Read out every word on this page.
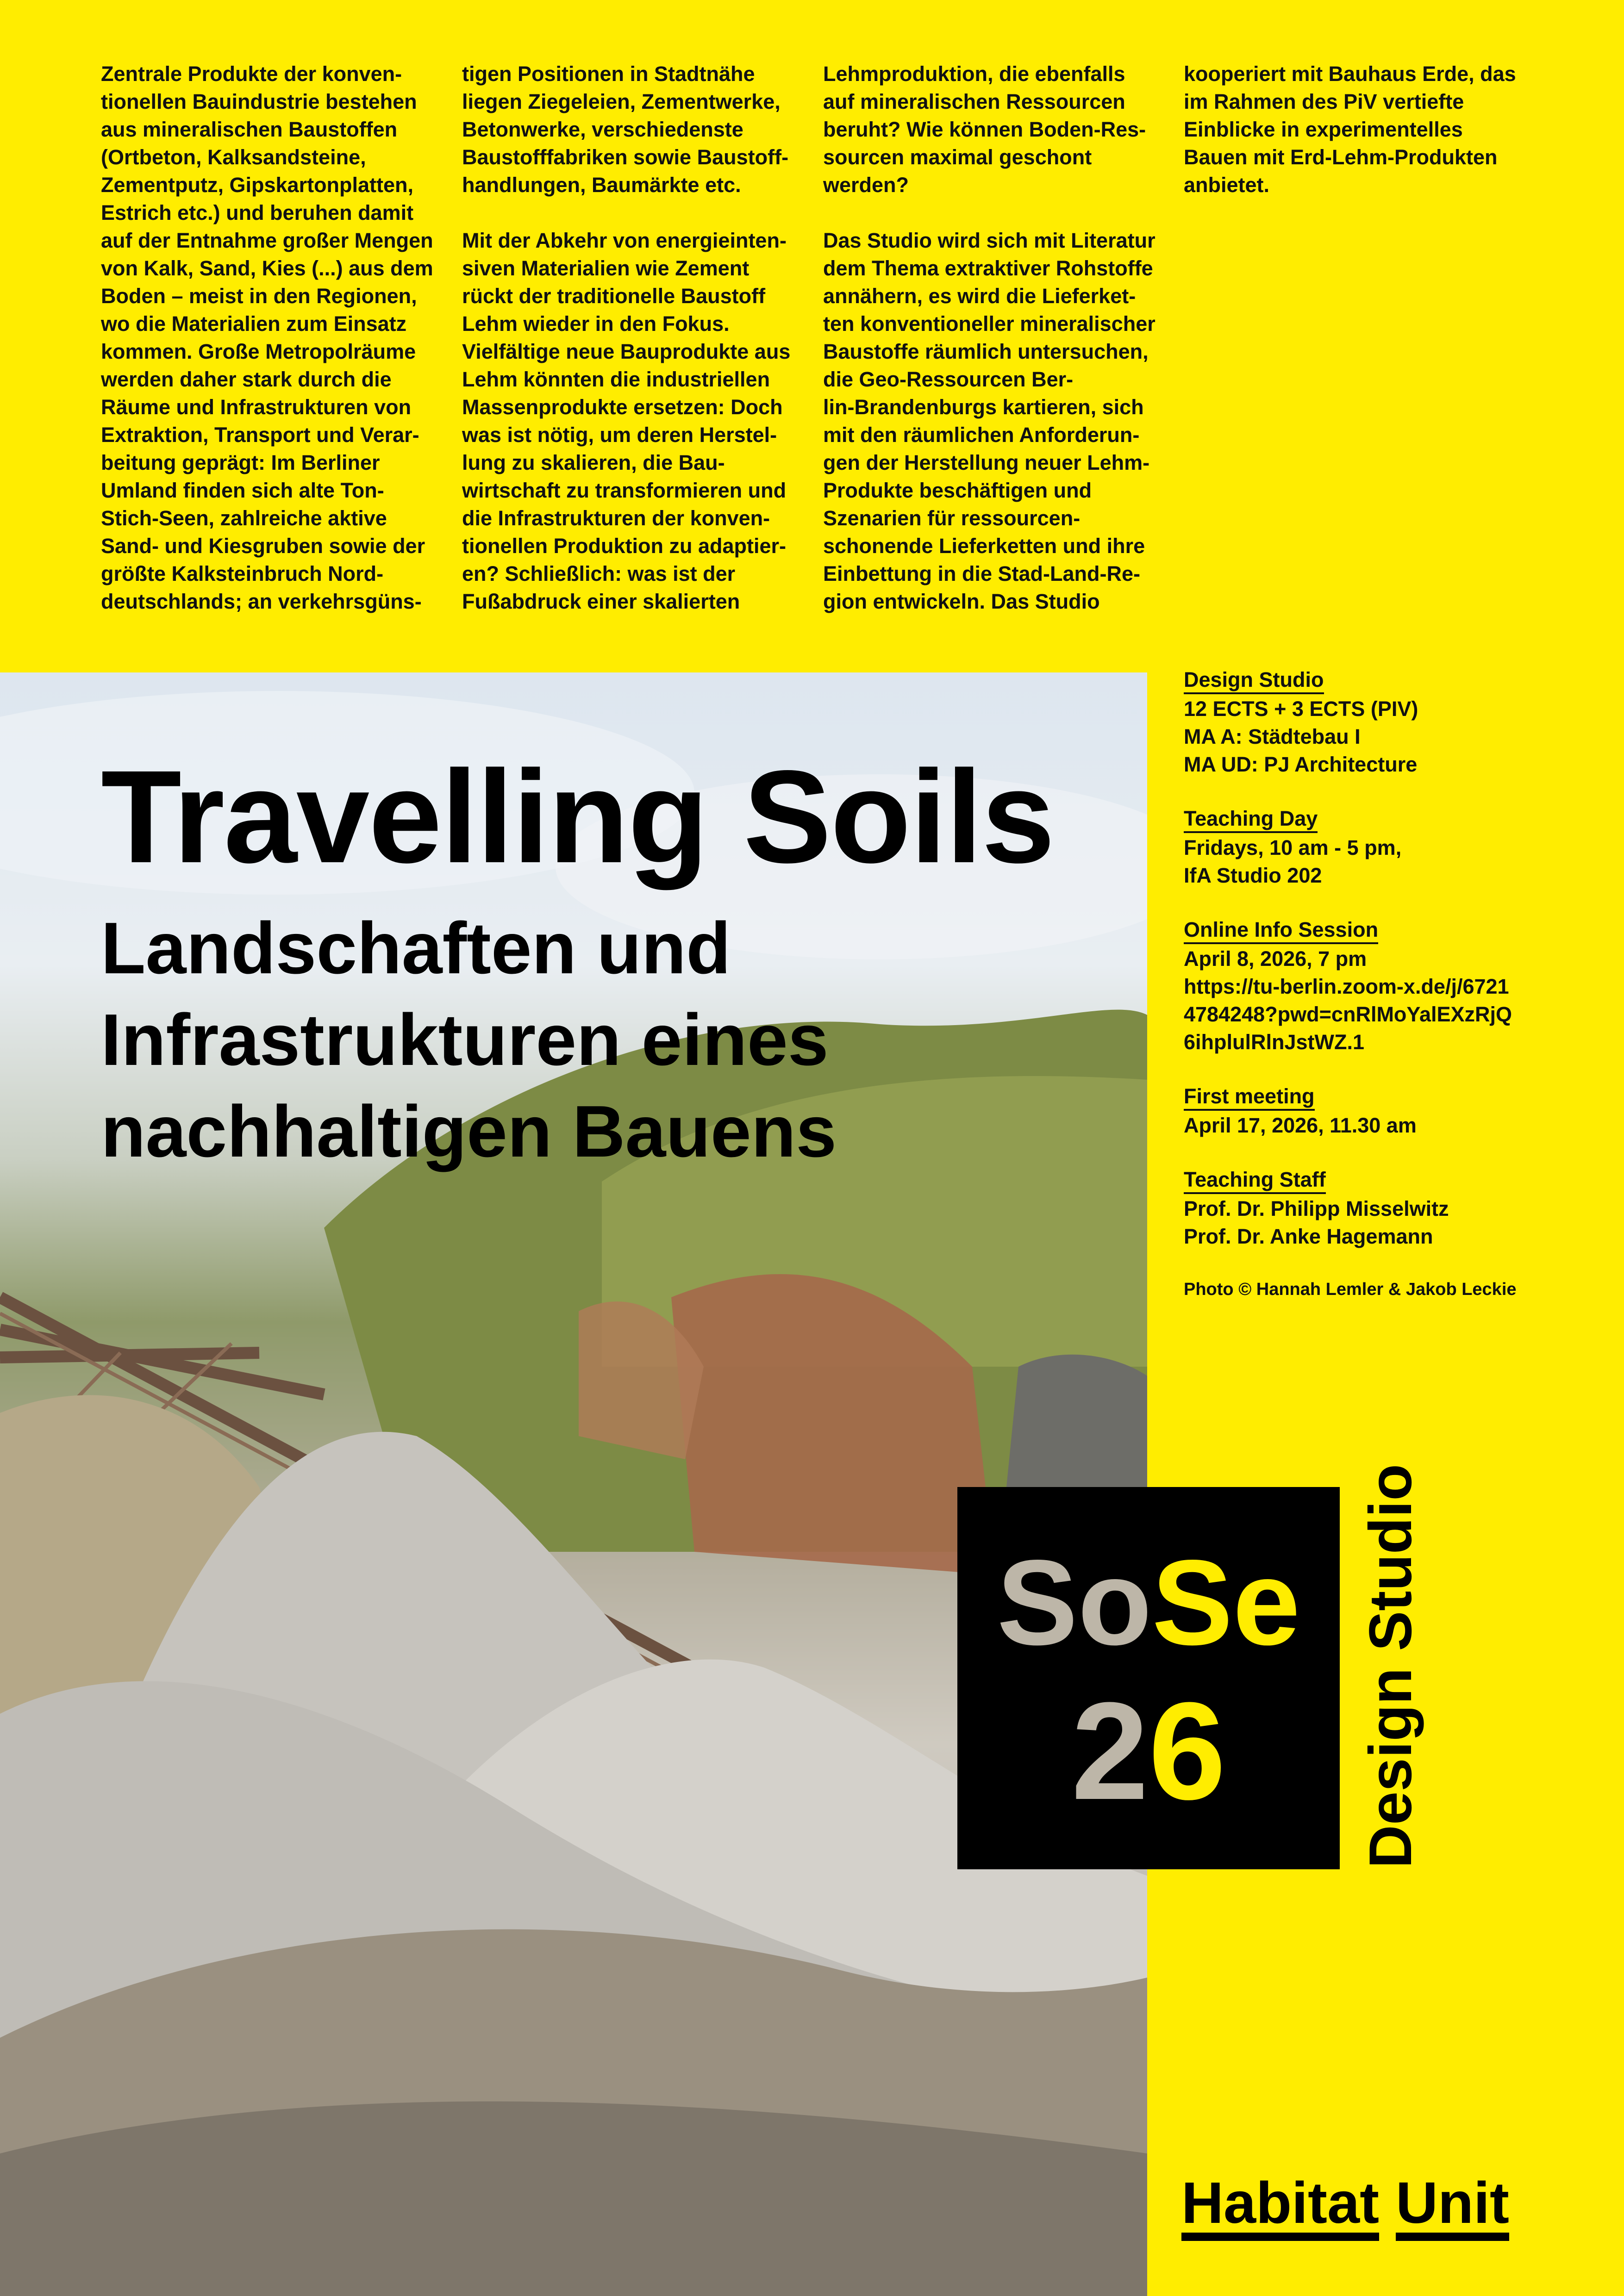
Zentrale Produkte der konven-
tionellen Bauindustrie bestehen
aus mineralischen Baustoffen
(Ortbeton, Kalksandsteine,
Zementputz, Gipskartonplatten,
Estrich etc.) und beruhen damit
auf der Entnahme großer Mengen
von Kalk, Sand, Kies (...) aus dem
Boden – meist in den Regionen,
wo die Materialien zum Einsatz
kommen. Große Metropolräume
werden daher stark durch die
Räume und Infrastrukturen von
Extraktion, Transport und Verar-
beitung geprägt: Im Berliner
Umland finden sich alte Ton-
Stich-Seen, zahlreiche aktive
Sand- und Kiesgruben sowie der
größte Kalksteinbruch Nord-
deutschlands; an verkehrsgüns-
tigen Positionen in Stadtnähe
liegen Ziegeleien, Zementwerke,
Betonwerke, verschiedenste
Baustofffabriken sowie Baustoff-
handlungen, Baumärkte etc.

Mit der Abkehr von energieinten-
siven Materialien wie Zement
rückt der traditionelle Baustoff
Lehm wieder in den Fokus.
Vielfältige neue Bauprodukte aus
Lehm könnten die industriellen
Massenprodukte ersetzen: Doch
was ist nötig, um deren Herstel-
lung zu skalieren, die Bau-
wirtschaft zu transformieren und
die Infrastrukturen der konven-
tionellen Produktion zu adaptier-
en? Schließlich: was ist der
Fußabdruck einer skalierten
Lehmproduktion, die ebenfalls
auf mineralischen Ressourcen
beruht? Wie können Boden-Res-
sourcen maximal geschont
werden?

Das Studio wird sich mit Literatur
dem Thema extraktiver Rohstoffe
annähern, es wird die Lieferket-
ten konventioneller mineralischer
Baustoffe räumlich untersuchen,
die Geo-Ressourcen Ber-
lin-Brandenburgs kartieren, sich
mit den räumlichen Anforderun-
gen der Herstellung neuer Lehm-
Produkte beschäftigen und
Szenarien für ressourcen-
schonende Lieferketten und ihre
Einbettung in die Stad-Land-Re-
gion entwickeln. Das Studio
kooperiert mit Bauhaus Erde, das
im Rahmen des PiV vertiefte
Einblicke in experimentelles
Bauen mit Erd-Lehm-Produkten
anbietet.
Travelling Soils
Landschaften und Infrastrukturen eines nachhaltigen Bauens
Design Studio
12 ECTS + 3 ECTS (PIV)
MA A: Städtebau I
MA UD: PJ Architecture
Teaching Day
Fridays, 10 am - 5 pm,
IfA Studio 202
Online Info Session
April 8, 2026, 7 pm
https://tu-berlin.zoom-x.de/j/6721
4784248?pwd=cnRlMoYalEXzRjQ
6ihplulRlnJstWZ.1
First meeting
April 17, 2026, 11.30 am
Teaching Staff
Prof. Dr. Philipp Misselwitz
Prof. Dr. Anke Hagemann
Photo © Hannah Lemler & Jakob Leckie
SoSe
26	Design Studio
Habitat Unit
